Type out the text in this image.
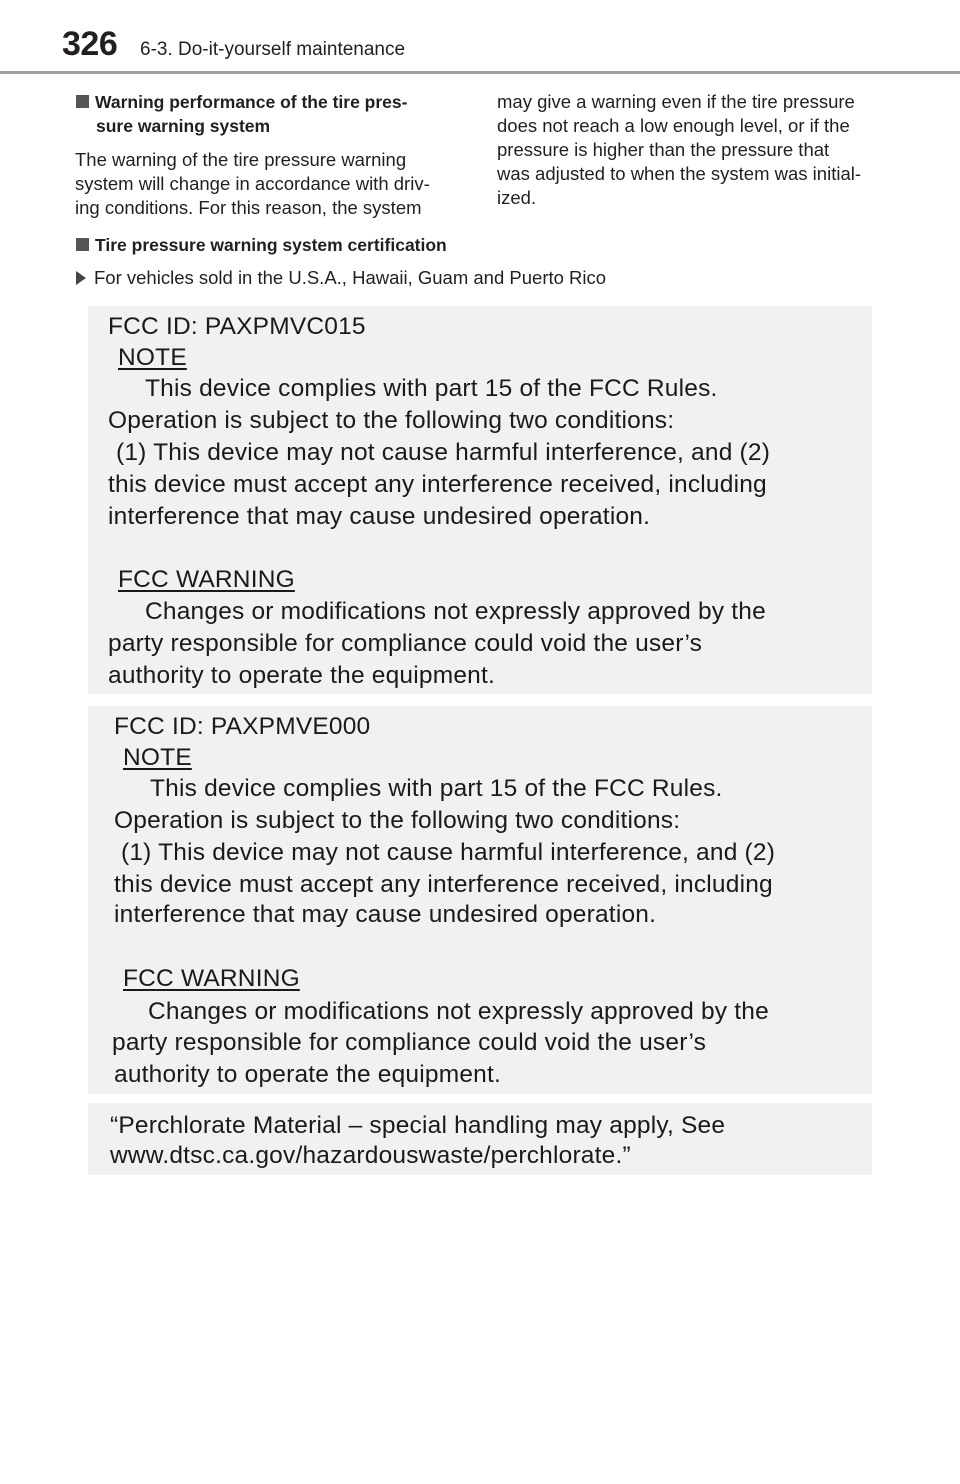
326 6-3. Do-it-yourself maintenance
Warning performance of the tire pres-
sure warning system
The warning of the tire pressure warning
system will change in accordance with driv-
ing conditions. For this reason, the system
may give a warning even if the tire pressure
does not reach a low enough level, or if the
pressure is higher than the pressure that
was adjusted to when the system was initial-
ized.
Tire pressure warning system certification
For vehicles sold in the U.S.A., Hawaii, Guam and Puerto Rico
FCC ID: PAXPMVC015
NOTE
This device complies with part 15 of the FCC Rules.
Operation is subject to the following two conditions:
(1) This device may not cause harmful interference, and (2)
this device must accept any interference received, including
interference that may cause undesired operation.
FCC WARNING
Changes or modifications not expressly approved by the
party responsible for compliance could void the user’s
authority to operate the equipment.
FCC ID: PAXPMVE000
NOTE
This device complies with part 15 of the FCC Rules.
Operation is subject to the following two conditions:
(1) This device may not cause harmful interference, and (2)
this device must accept any interference received, including
interference that may cause undesired operation.
FCC WARNING
Changes or modifications not expressly approved by the
party responsible for compliance could void the user’s
authority to operate the equipment.
“Perchlorate Material – special handling may apply, See
www.dtsc.ca.gov/hazardouswaste/perchlorate.”
